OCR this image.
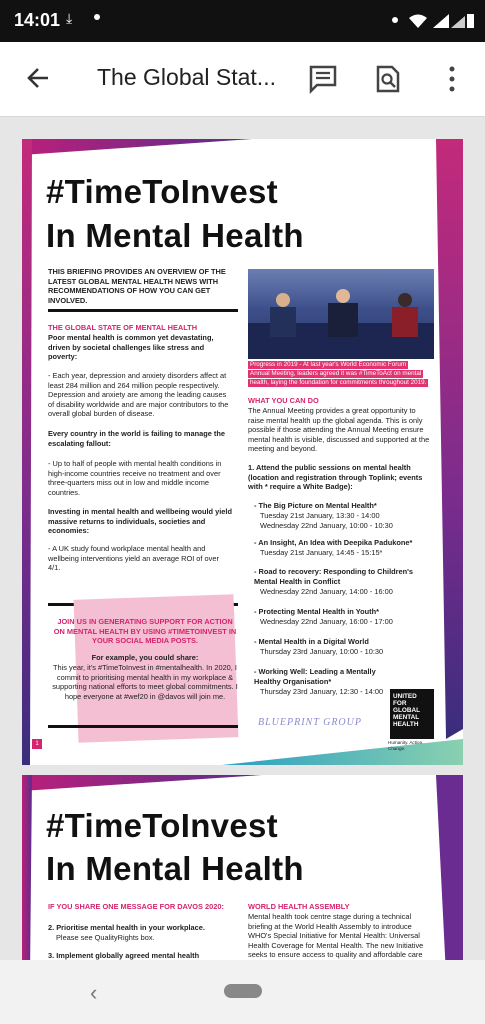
14:01 ⤓
The Global Stat...
#TimeToInvest
In Mental Health
THIS BRIEFING PROVIDES AN OVERVIEW OF THE LATEST GLOBAL MENTAL HEALTH NEWS WITH RECOMMENDATIONS OF HOW YOU CAN GET INVOLVED.
THE GLOBAL STATE OF MENTAL HEALTH
Poor mental health is common yet devastating, driven by societal challenges like stress and poverty:
- Each year, depression and anxiety disorders affect at least 284 million and 264 million people respectively. Depression and anxiety are among the leading causes of disability worldwide and are major contributors to the overall global burden of disease.
Every country in the world is failing to manage the escalating fallout:
- Up to half of people with mental health conditions in high-income countries receive no treatment and over three-quarters miss out in low and middle income countries.
Investing in mental health and wellbeing would yield massive returns to individuals, societies and economies:
- A UK study found workplace mental health and wellbeing interventions yield an average ROI of over 4/1.
JOIN US IN GENERATING SUPPORT FOR ACTION ON MENTAL HEALTH BY USING #TIMETOINVEST IN YOUR SOCIAL MEDIA POSTS.
For example, you could share:
This year, it's #TimeToInvest in #mentalhealth. In 2020, I commit to prioritising mental health in my workplace & supporting national efforts to meet global commitments. I hope everyone at #wef20 in @davos will join me.
Progress in 2019 - At last year's World Economic Forum
Annual Meeting, leaders agreed it was #TimeToAct on mental
health, laying the foundation for commitments throughout 2019.
WHAT YOU CAN DO
The Annual Meeting provides a great opportunity to raise mental health up the global agenda. This is only possible if those attending the Annual Meeting ensure mental health is visible, discussed and supported at the meeting and beyond.
1. Attend the public sessions on mental health (location and registration through Toplink; events with * require a White Badge):
- The Big Picture on Mental Health*
Tuesday 21st January, 13:30 - 14:00
Wednesday 22nd January, 10:00 - 10:30
- An Insight, An Idea with Deepika Padukone*
Tuesday 21st January, 14:45 - 15:15*
- Road to recovery: Responding to Children's Mental Health in Conflict
Wednesday 22nd January, 14:00 - 16:00
- Protecting Mental Health in Youth*
Wednesday 22nd January, 16:00 - 17:00
- Mental Health in a Digital World
Thursday 23rd January, 10:00 - 10:30
- Working Well: Leading a Mentally Healthy Organisation*
Thursday 23rd January, 12:30 - 14:00
BLUEPRINT GROUP
UNITED FOR GLOBAL MENTAL HEALTH
Humanity. Action. Change.
1
#TimeToInvest
In Mental Health
IF YOU SHARE ONE MESSAGE FOR DAVOS 2020:
2. Prioritise mental health in your workplace.
Please see QualityRights box.
3. Implement globally agreed mental health
WORLD HEALTH ASSEMBLY
Mental health took centre stage during a technical briefing at the World Health Assembly to introduce WHO's Special Initiative for Mental Health: Universal Health Coverage for Mental Health. The new Initiative seeks to ensure access to quality and affordable care
‹
